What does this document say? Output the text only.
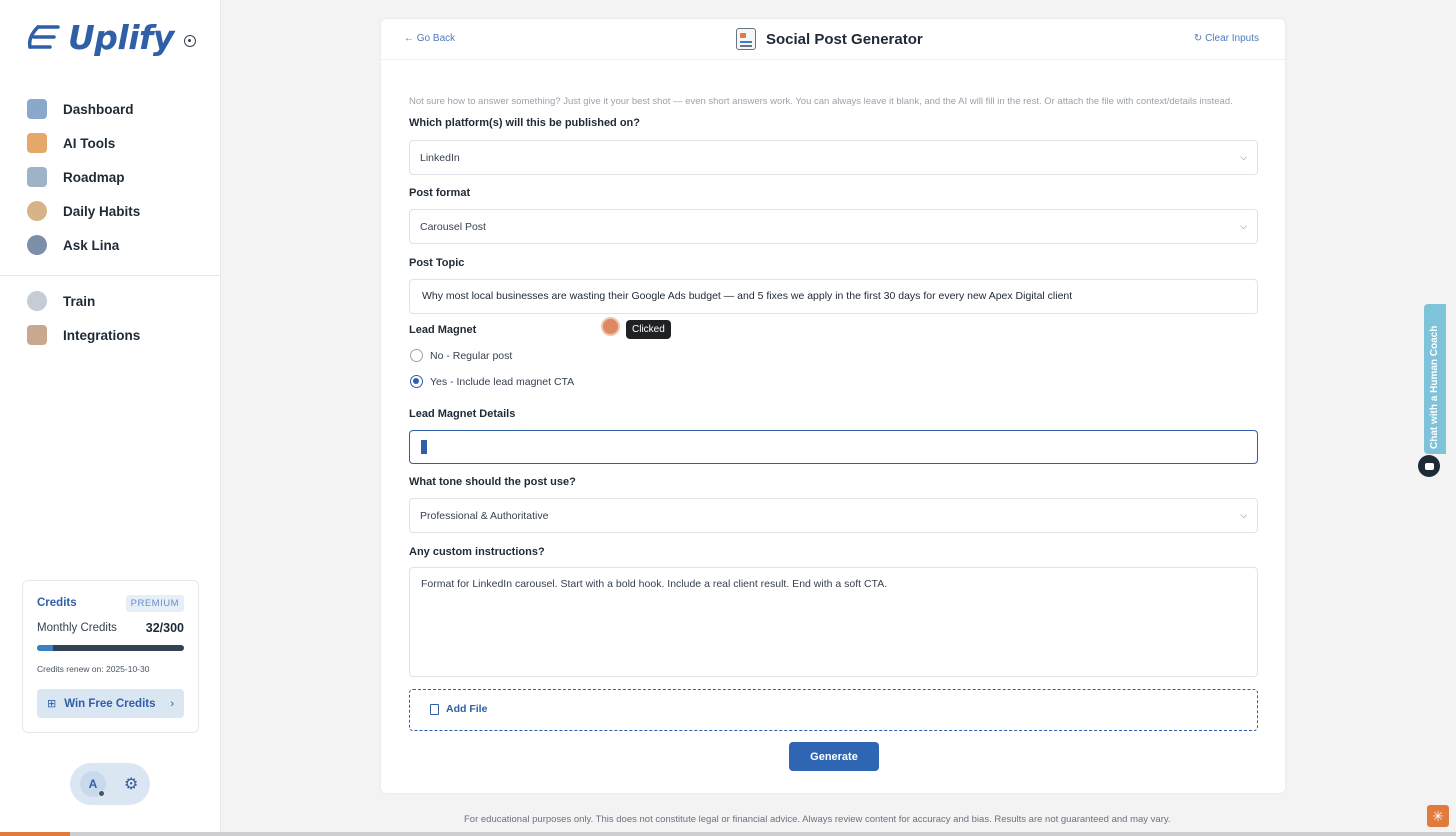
Uplify
Dashboard
AI Tools
Roadmap
Daily Habits
Ask Lina
Train
Integrations
Credits	PREMIUM
Monthly Credits 32/300
Credits renew on: 2025-10-30
⊞ Win Free Credits ›
A	⚙
← Go Back	Social Post Generator	↻ Clear Inputs
Not sure how to answer something? Just give it your best shot — even short answers work. You can always leave it blank, and the AI will fill in the rest. Or attach the file with context/details instead.
Which platform(s) will this be published on?
LinkedIn	⌵
Post format
Carousel Post	⌵
Post Topic
Why most local businesses are wasting their Google Ads budget — and 5 fixes we apply in the first 30 days for every new Apex Digital client
Lead Magnet
No - Regular post
Yes - Include lead magnet CTA
Lead Magnet Details
What tone should the post use?
Professional & Authoritative	⌵
Any custom instructions?
Format for LinkedIn carousel. Start with a bold hook. Include a real client result. End with a soft CTA.
Add File
Generate
For educational purposes only. This does not constitute legal or financial advice. Always review content for accuracy and bias. Results are not guaranteed and may vary.
Clicked	Chat with a Human Coach
✳
